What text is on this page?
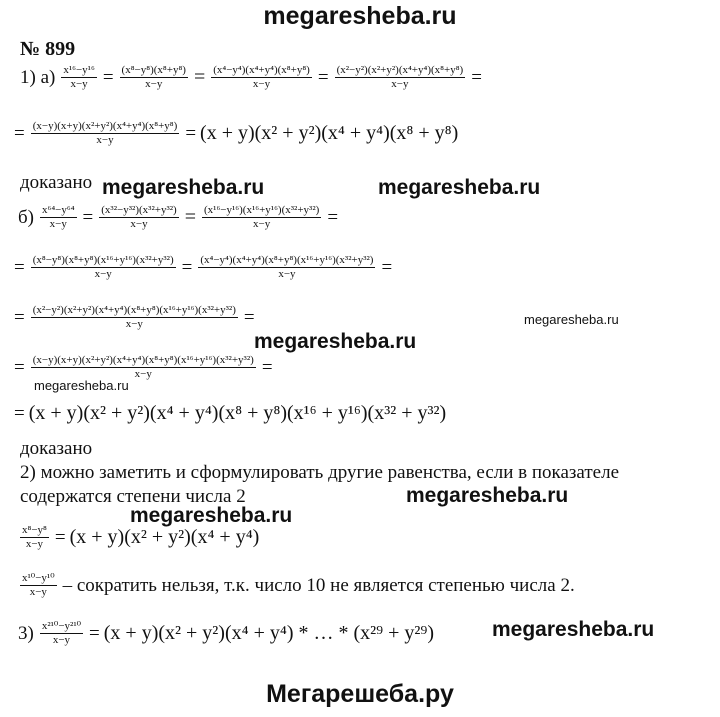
megaresheba.ru
№ 899
1) $а) \frac{\text{x¹⁶−y¹⁶}}{x-y} = \frac{\text{(x⁸−y⁸)(x⁸+y⁸)}}{x-y} = \frac{\text{(x⁴−y⁴)(x⁴+y⁴)(x⁸+y⁸)}}{x-y} = \frac{\text{(x²−y²)(x²+y²)(x⁴+y⁴)(x⁸+y⁸)}}{x-y}$ =
= $\frac{\text{(x−y)(x+y)(x²+y²)(x⁴+y⁴)(x⁸+y⁸)}}{x-y} = (x + y)(x^2 + y^2)(x^4 + y^4)(x^8 + y^8)$
доказано megaresheba.ru	megaresheba.ru
$б) \frac{\text{x⁶⁴−y⁶⁴}}{x-y} = \frac{\text{(x³²−y³²)(x³²+y³²)}}{x-y} = \frac{\text{(x¹⁶−y¹⁶)(x¹⁶+y¹⁶)(x³²+y³²)}}{x-y}$ =
= $\frac{\text{(x⁸−y⁸)(x⁸+y⁸)(x¹⁶+y¹⁶)(x³²+y³²)}}{x-y} = \frac{\text{(x⁴−y⁴)(x⁴+y⁴)(x⁸+y⁸)(x¹⁶+y¹⁶)(x³²+y³²)}}{x-y}$ =
= $\frac{\text{(x²−y²)(x²+y²)(x⁴+y⁴)(x⁸+y⁸)(x¹⁶+y¹⁶)(x³²+y³²)}}{x-y}$ =	megaresheba.ru
megaresheba.ru
= $\frac{\text{(x−y)(x+y)(x²+y²)(x⁴+y⁴)(x⁸+y⁸)(x¹⁶+y¹⁶)(x³²+y³²)}}{x-y}$ =
megaresheba.ru
= (x + y)(x² + y²)(x⁴ + y⁴)(x⁸ + y⁸)(x¹⁶ + y¹⁶)(x³² + y³²)
доказано
2) можно заметить и сформулировать другие равенства, если в показателе
содержатся степени числа 2	megaresheba.ru
megaresheba.ru
$\frac{\text{x⁸−y⁸}}{x-y} = (x + y)(x^2 + y^2)(x^4 + y^4)$
$\frac{\text{x¹⁰−y¹⁰}}{x-y}$ – сократить нельзя, т.к. число 10 не является степенью числа 2.
$3) \frac{\text{x²¹⁰−y²¹⁰}}{x-y} = (x + y)(x^2 + y^2)(x^4 + y^4)$ * … * (x²⁹ + y²⁹)	megaresheba.ru
Мегарешеба.ру
